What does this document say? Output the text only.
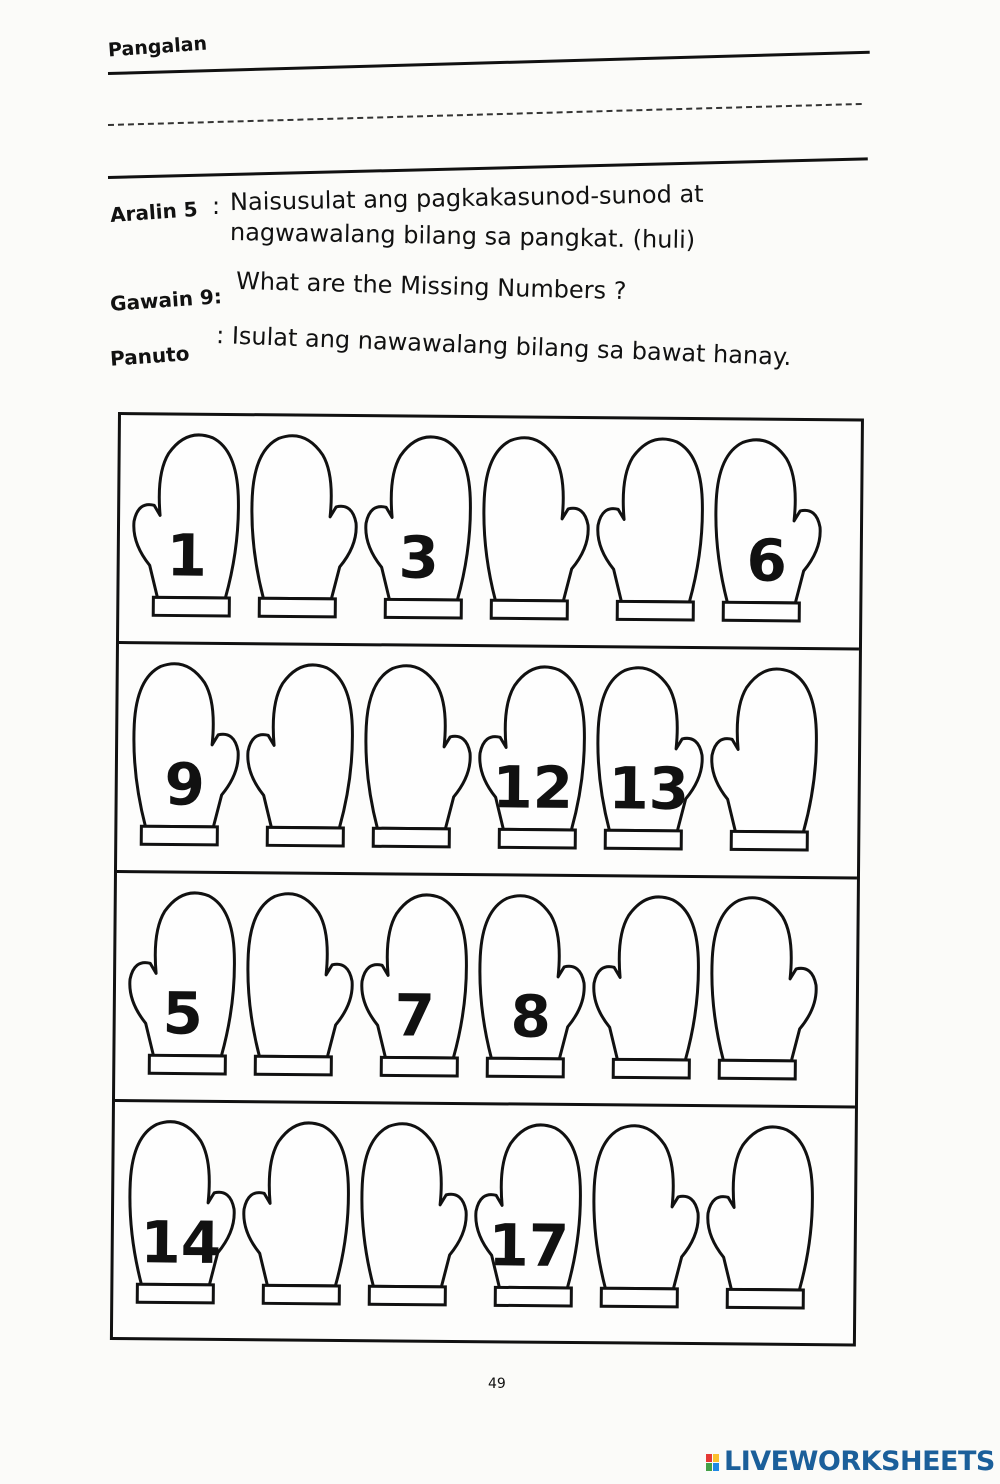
Pangalan
Aralin 5 : Naisusulat ang pagkakasunod-sunod at
nagwawalang bilang sa pangkat. (huli)
Gawain 9: What are the Missing Numbers ?
Panuto : Isulat ang nawawalang bilang sa bawat hanay.
1	3	6
9	12 13
5	7	8
14	17
49
LIVEWORKSHEETS
